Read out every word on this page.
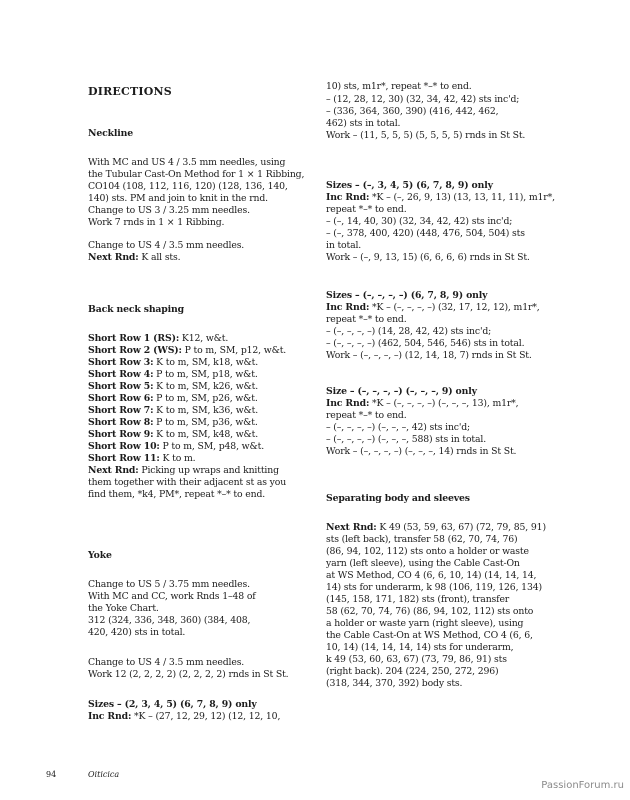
DIRECTIONS
Neckline
With MC and US 4 / 3.5 mm needles, using
the Tubular Cast-On Method for 1 × 1 Ribbing,
CO104 (108, 112, 116, 120) (128, 136, 140,
140) sts. PM and join to knit in the rnd.
Change to US 3 / 3.25 mm needles.
Work 7 rnds in 1 × 1 Ribbing.
Change to US 4 / 3.5 mm needles.
Next Rnd: K all sts.
Back neck shaping
Short Row 1 (RS): K12, w&t.
Short Row 2 (WS): P to m, SM, p12, w&t.
Short Row 3: K to m, SM, k18, w&t.
Short Row 4: P to m, SM, p18, w&t.
Short Row 5: K to m, SM, k26, w&t.
Short Row 6: P to m, SM, p26, w&t.
Short Row 7: K to m, SM, k36, w&t.
Short Row 8: P to m, SM, p36, w&t.
Short Row 9: K to m, SM, k48, w&t.
Short Row 10: P to m, SM, p48, w&t.
Short Row 11: K to m.
Next Rnd: Picking up wraps and knitting
them together with their adjacent st as you
find them, *k4, PM*, repeat *–* to end.
Yoke
Change to US 5 / 3.75 mm needles.
With MC and CC, work Rnds 1–48 of
the Yoke Chart.
312 (324, 336, 348, 360) (384, 408,
420, 420) sts in total.
Change to US 4 / 3.5 mm needles.
Work 12 (2, 2, 2, 2) (2, 2, 2, 2) rnds in St St.
Sizes – (2, 3, 4, 5) (6, 7, 8, 9) only
Inc Rnd: *K – (27, 12, 29, 12) (12, 12, 10,
10) sts, m1r*, repeat *–* to end.
– (12, 28, 12, 30) (32, 34, 42, 42) sts inc'd;
– (336, 364, 360, 390) (416, 442, 462,
462) sts in total.
Work – (11, 5, 5, 5) (5, 5, 5, 5) rnds in St St.
Sizes – (–, 3, 4, 5) (6, 7, 8, 9) only
Inc Rnd: *K – (–, 26, 9, 13) (13, 13, 11, 11), m1r*,
repeat *–* to end.
– (–, 14, 40, 30) (32, 34, 42, 42) sts inc'd;
– (–, 378, 400, 420) (448, 476, 504, 504) sts
in total.
Work – (–, 9, 13, 15) (6, 6, 6, 6) rnds in St St.
Sizes – (–, –, –, –) (6, 7, 8, 9) only
Inc Rnd: *K – (–, –, –, –) (32, 17, 12, 12), m1r*,
repeat *–* to end.
– (–, –, –, –) (14, 28, 42, 42) sts inc'd;
– (–, –, –, –) (462, 504, 546, 546) sts in total.
Work – (–, –, –, –) (12, 14, 18, 7) rnds in St St.
Size – (–, –, –, –) (–, –, –, 9) only
Inc Rnd: *K – (–, –, –, –) (–, –, –, 13), m1r*,
repeat *–* to end.
– (–, –, –, –) (–, –, –, 42) sts inc'd;
– (–, –, –, –) (–, –, –, 588) sts in total.
Work – (–, –, –, –) (–, –, –, 14) rnds in St St.
Separating body and sleeves
Next Rnd: K 49 (53, 59, 63, 67) (72, 79, 85, 91)
sts (left back), transfer 58 (62, 70, 74, 76)
(86, 94, 102, 112) sts onto a holder or waste
yarn (left sleeve), using the Cable Cast-On
at WS Method, CO 4 (6, 6, 10, 14) (14, 14, 14,
14) sts for underarm, k 98 (106, 119, 126, 134)
(145, 158, 171, 182) sts (front), transfer
58 (62, 70, 74, 76) (86, 94, 102, 112) sts onto
a holder or waste yarn (right sleeve), using
the Cable Cast-On at WS Method, CO 4 (6, 6,
10, 14) (14, 14, 14, 14) sts for underarm,
k 49 (53, 60, 63, 67) (73, 79, 86, 91) sts
(right back). 204 (224, 250, 272, 296)
(318, 344, 370, 392) body sts.
94	Oiticica
PassionForum.ru
